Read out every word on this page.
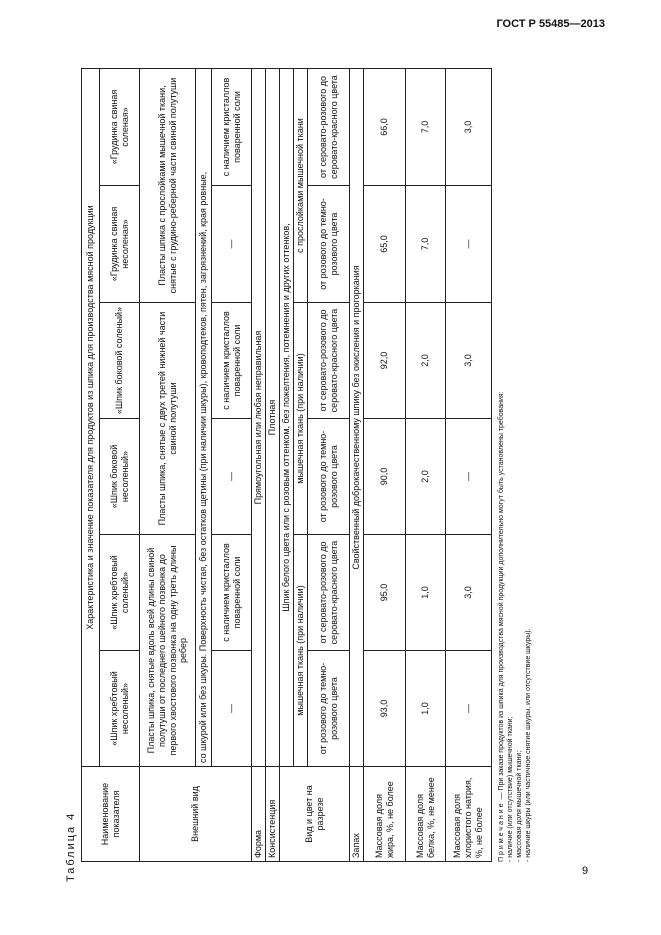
ГОСТ Р 55485—2013
Таблица 4	Наименование показателя	Характеристика и значение показателя для продуктов из шпика для производства мясной продукции					
	«Шпик хребтовый несоленый»	«Шпик хребтовый соленый»	«Шпик боковой несоленый»	«Шпик боковой соленый»	«Грудинка свиная несоленая»	«Грудинка свиная соленая»
Внешний вид	Пласты шпика, снятые вдоль всей длины свиной полутуши от последнего шейного позвонка до первого хвостового позвонка на одну треть длины ребер		Пласты шпика, снятые с двух третей нижней части свиной полутуши		Пласты шпика с прослойками мышечной ткани, снятые с грудино-реберной части свиной полутуши	
	со шкурой или без шкуры. Поверхность чистая, без остатков щетины (при наличии шкуры), кровоподтеков, пятен, загрязнений, края ровные,					
	—	с наличием кристаллов поваренной соли	—	с наличием кристаллов поваренной соли	—	с наличием кристаллов поваренной соли
Форма	Прямоугольная или любая неправильная					
Консистенция	Плотная					
Вид и цвет на разрезе	Шпик белого цвета или с розовым оттенком, без пожелтения, потемнения и других оттенков,					
	мышечная ткань (при наличии)		мышечная ткань (при наличии)		с прослойками мышечной ткани	
	от розового до темно-розового цвета	от серовато-розового до серовато-красного цвета	от розового до темно-розового цвета	от серовато-розового до серовато-красного цвета	от розового до темно-розового цвета	от серовато-розового до серовато-красного цвета
Запах	Свойственный доброкачественному шпику без окисления и прогоркания					
Массовая доля жира, %, не более	93,0	95,0	90,0	92,0	65,0	66,0
Массовая доля белка, %, не менее	1,0	1,0	2,0	2,0	7,0	7,0
Массовая доля хлористого натрия, %, не более	—	3,0	—	3,0	—	3,0
Примечание — При заказе продуктов из шпика для производства мясной продукции дополнительно могут быть установлены требования: - наличие (или отсутствие) мышечной ткани; - массовая доля мышечной ткани; - наличие шкуры (или частичное снятие шкуры, или отсутствие шкуры).
9
